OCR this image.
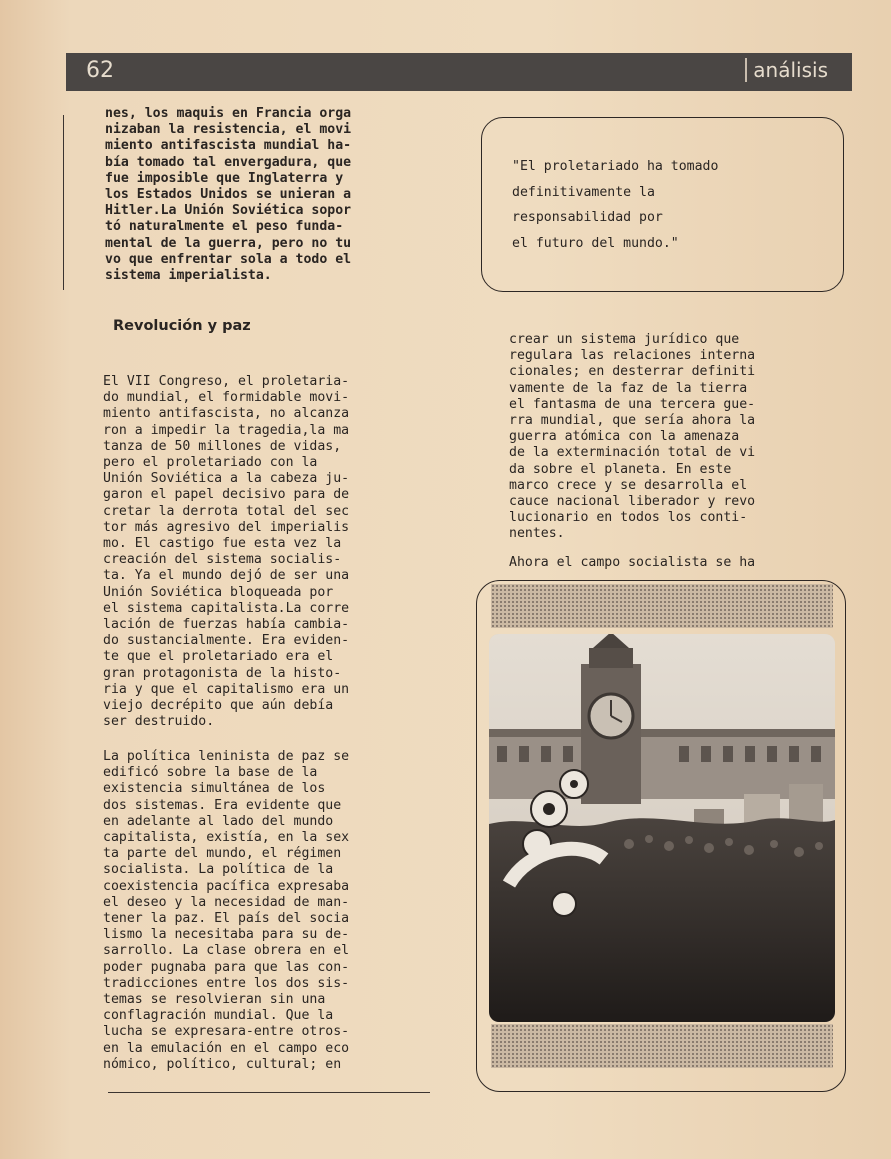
62	análisis
nes, los maquis en Francia orga
nizaban la resistencia, el movi
miento antifascista mundial ha-
bía tomado tal envergadura, que
fue imposible que Inglaterra y
los Estados Unidos se unieran a
Hitler.La Unión Soviética sopor
tó naturalmente el peso funda-
mental de la guerra, pero no tu
vo que enfrentar sola a todo el
sistema imperialista.
Revolución y paz
El VII Congreso, el proletaria-
do mundial, el formidable movi-
miento antifascista, no alcanza
ron a impedir la tragedia,la ma
tanza de 50 millones de vidas,
pero el proletariado con la
Unión Soviética a la cabeza ju-
garon el papel decisivo para de
cretar la derrota total del sec
tor más agresivo del imperialis
mo. El castigo fue esta vez la
creación del sistema socialis-
ta. Ya el mundo dejó de ser una
Unión Soviética bloqueada por
el sistema capitalista.La corre
lación de fuerzas había cambia-
do sustancialmente. Era eviden-
te que el proletariado era el
gran protagonista de la histo-
ria y que el capitalismo era un
viejo decrépito que aún debía
ser destruido.
La política leninista de paz se
edificó sobre la base de la
existencia simultánea de los
dos sistemas. Era evidente que
en adelante al lado del mundo
capitalista, existía, en la sex
ta parte del mundo, el régimen
socialista. La política de la
coexistencia pacífica expresaba
el deseo y la necesidad de man-
tener la paz. El país del socia
lismo la necesitaba para su de-
sarrollo. La clase obrera en el
poder pugnaba para que las con-
tradicciones entre los dos sis-
temas se resolvieran sin una
conflagración mundial. Que la
lucha se expresara-entre otros-
en la emulación en el campo eco
nómico, político, cultural; en
"El proletariado ha tomado
definitivamente la
responsabilidad por
el futuro del mundo."
crear un sistema jurídico que
regulara las relaciones interna
cionales; en desterrar definiti
vamente de la faz de la tierra
el fantasma de una tercera gue-
rra mundial, que sería ahora la
guerra atómica con la amenaza
de la exterminación total de vi
da sobre el planeta. En este
marco crece y se desarrolla el
cauce nacional liberador y revo
lucionario en todos los conti-
nentes.
Ahora el campo socialista se ha
